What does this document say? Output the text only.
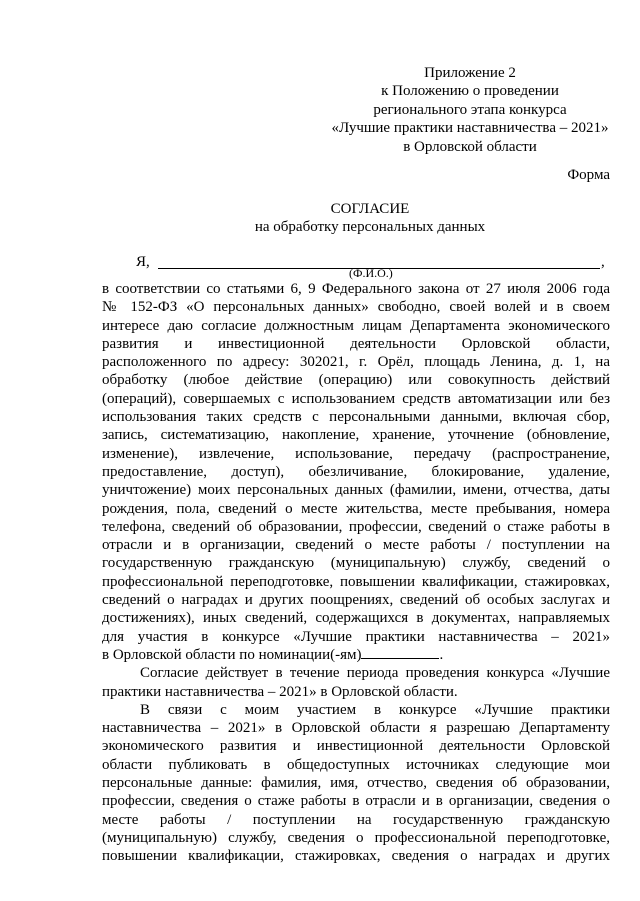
Приложение 2
к Положению о проведении
регионального этапа конкурса
«Лучшие практики наставничества – 2021»
в Орловской области
Форма
СОГЛАСИЕ
на обработку персональных данных
Я,	,
(Ф.И.О.)
в соответствии со статьями 6, 9 Федерального закона от 27 июля 2006 года
№ 152-ФЗ «О персональных данных» свободно, своей волей и в своем
интересе даю согласие должностным лицам Департамента экономического
развития и инвестиционной деятельности Орловской области,
расположенного по адресу: 302021, г. Орёл, площадь Ленина, д. 1, на
обработку (любое действие (операцию) или совокупность действий
(операций), совершаемых с использованием средств автоматизации или без
использования таких средств с персональными данными, включая сбор,
запись, систематизацию, накопление, хранение, уточнение (обновление,
изменение), извлечение, использование, передачу (распространение,
предоставление, доступ), обезличивание, блокирование, удаление,
уничтожение) моих персональных данных (фамилии, имени, отчества, даты
рождения, пола, сведений о месте жительства, месте пребывания, номера
телефона, сведений об образовании, профессии, сведений о стаже работы в
отрасли и в организации, сведений о месте работы / поступлении на
государственную гражданскую (муниципальную) службу, сведений о
профессиональной переподготовке, повышении квалификации, стажировках,
сведений о наградах и других поощрениях, сведений об особых заслугах и
достижениях), иных сведений, содержащихся в документах, направляемых
для участия в конкурсе «Лучшие практики наставничества – 2021»
в Орловской области по номинации(-ям)	.
Согласие действует в течение периода проведения конкурса «Лучшие
практики наставничества – 2021» в Орловской области.
В связи с моим участием в конкурсе «Лучшие практики
наставничества – 2021» в Орловской области я разрешаю Департаменту
экономического развития и инвестиционной деятельности Орловской
области публиковать в общедоступных источниках следующие мои
персональные данные: фамилия, имя, отчество, сведения об образовании,
профессии, сведения о стаже работы в отрасли и в организации, сведения о
месте работы / поступлении на государственную гражданскую
(муниципальную) службу, сведения о профессиональной переподготовке,
повышении квалификации, стажировках, сведения о наградах и других
